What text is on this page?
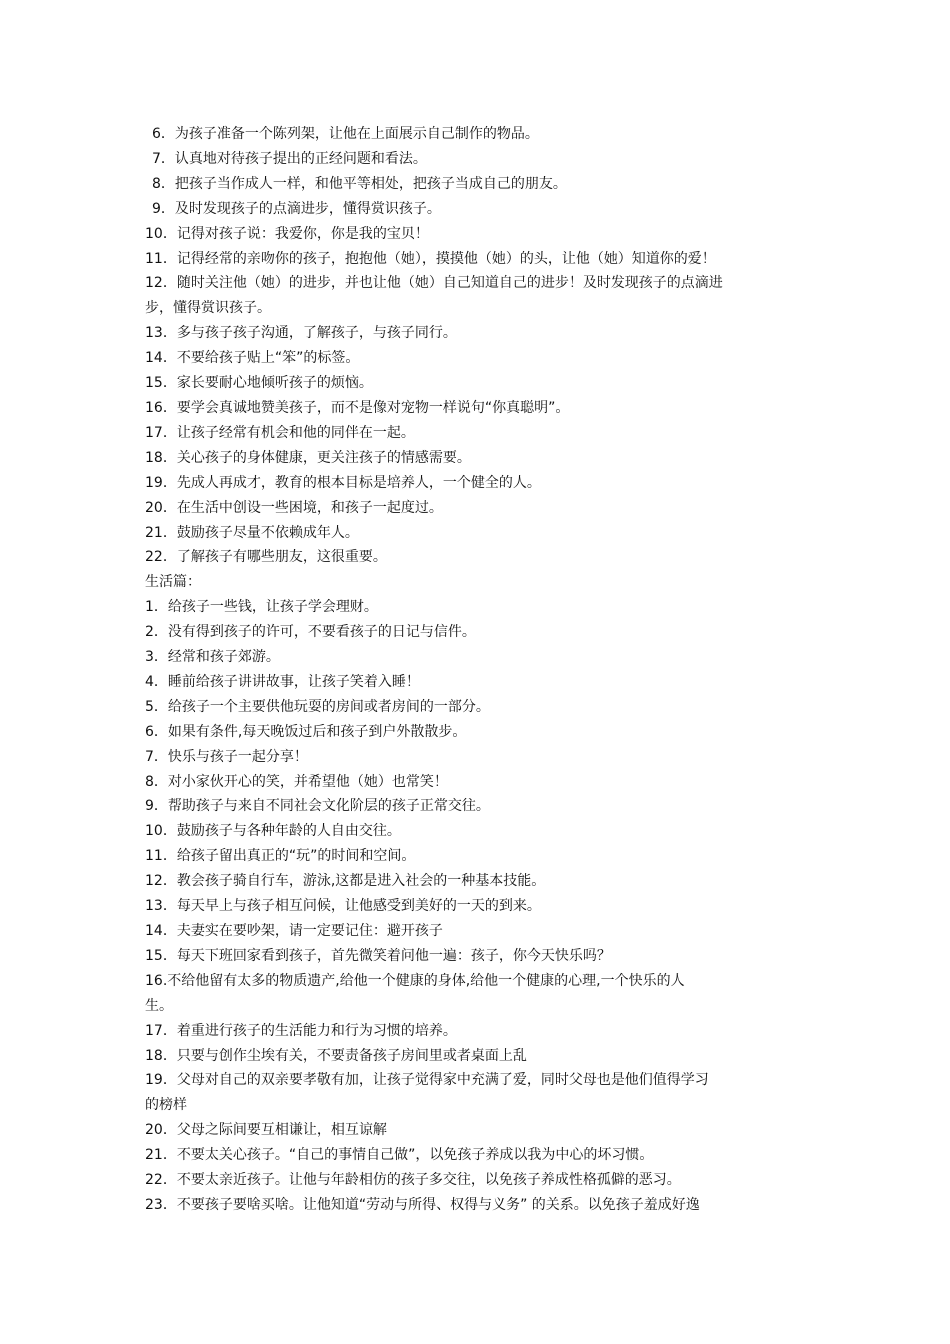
6．为孩子准备一个陈列架，让他在上面展示自己制作的物品。

7．认真地对待孩子提出的正经问题和看法。

8．把孩子当作成人一样，和他平等相处，把孩子当成自己的朋友。

9．及时发现孩子的点滴进步，懂得赏识孩子。

10．记得对孩子说：我爱你，你是我的宝贝！

11．记得经常的亲吻你的孩子，抱抱他（她），摸摸他（她）的头，让他（她）知道你的爱！

12．随时关注他（她）的进步，并也让他（她）自己知道自己的进步！及时发现孩子的点滴进

步，懂得赏识孩子。

13．多与孩子孩子沟通，了解孩子，与孩子同行。

14．不要给孩子贴上“笨”的标签。

15．家长要耐心地倾听孩子的烦恼。

16．要学会真诚地赞美孩子，而不是像对宠物一样说句“你真聪明”。

17．让孩子经常有机会和他的同伴在一起。

18．关心孩子的身体健康，更关注孩子的情感需要。

19．先成人再成才，教育的根本目标是培养人，一个健全的人。

20．在生活中创设一些困境，和孩子一起度过。

21．鼓励孩子尽量不依赖成年人。

22．了解孩子有哪些朋友，这很重要。

生活篇：

1．给孩子一些钱，让孩子学会理财。

2．没有得到孩子的许可，不要看孩子的日记与信件。

3．经常和孩子郊游。

4．睡前给孩子讲讲故事，让孩子笑着入睡！

5．给孩子一个主要供他玩耍的房间或者房间的一部分。

6．如果有条件,每天晚饭过后和孩子到户外散散步。

7．快乐与孩子一起分享！

8．对小家伙开心的笑，并希望他（她）也常笑！

9．帮助孩子与来自不同社会文化阶层的孩子正常交往。

10．鼓励孩子与各种年龄的人自由交往。

11．给孩子留出真正的“玩”的时间和空间。

12．教会孩子骑自行车，游泳,这都是进入社会的一种基本技能。

13．每天早上与孩子相互问候，让他感受到美好的一天的到来。

14．夫妻实在要吵架，请一定要记住：避开孩子

15．每天下班回家看到孩子，首先微笑着问他一遍：孩子，你今天快乐吗？

16.不给他留有太多的物质遗产,给他一个健康的身体,给他一个健康的心理,一个快乐的人

生。

17．着重进行孩子的生活能力和行为习惯的培养。

18．只要与创作尘埃有关，不要责备孩子房间里或者桌面上乱

19．父母对自己的双亲要孝敬有加，让孩子觉得家中充满了爱，同时父母也是他们值得学习

的榜样

20．父母之际间要互相谦让，相互谅解

21．不要太关心孩子。“自己的事情自己做”，以免孩子养成以我为中心的坏习惯。

22．不要太亲近孩子。让他与年龄相仿的孩子多交往，以免孩子养成性格孤僻的恶习。

23．不要孩子要啥买啥。让他知道“劳动与所得、权得与义务” 的关系。以免孩子羞成好逸
